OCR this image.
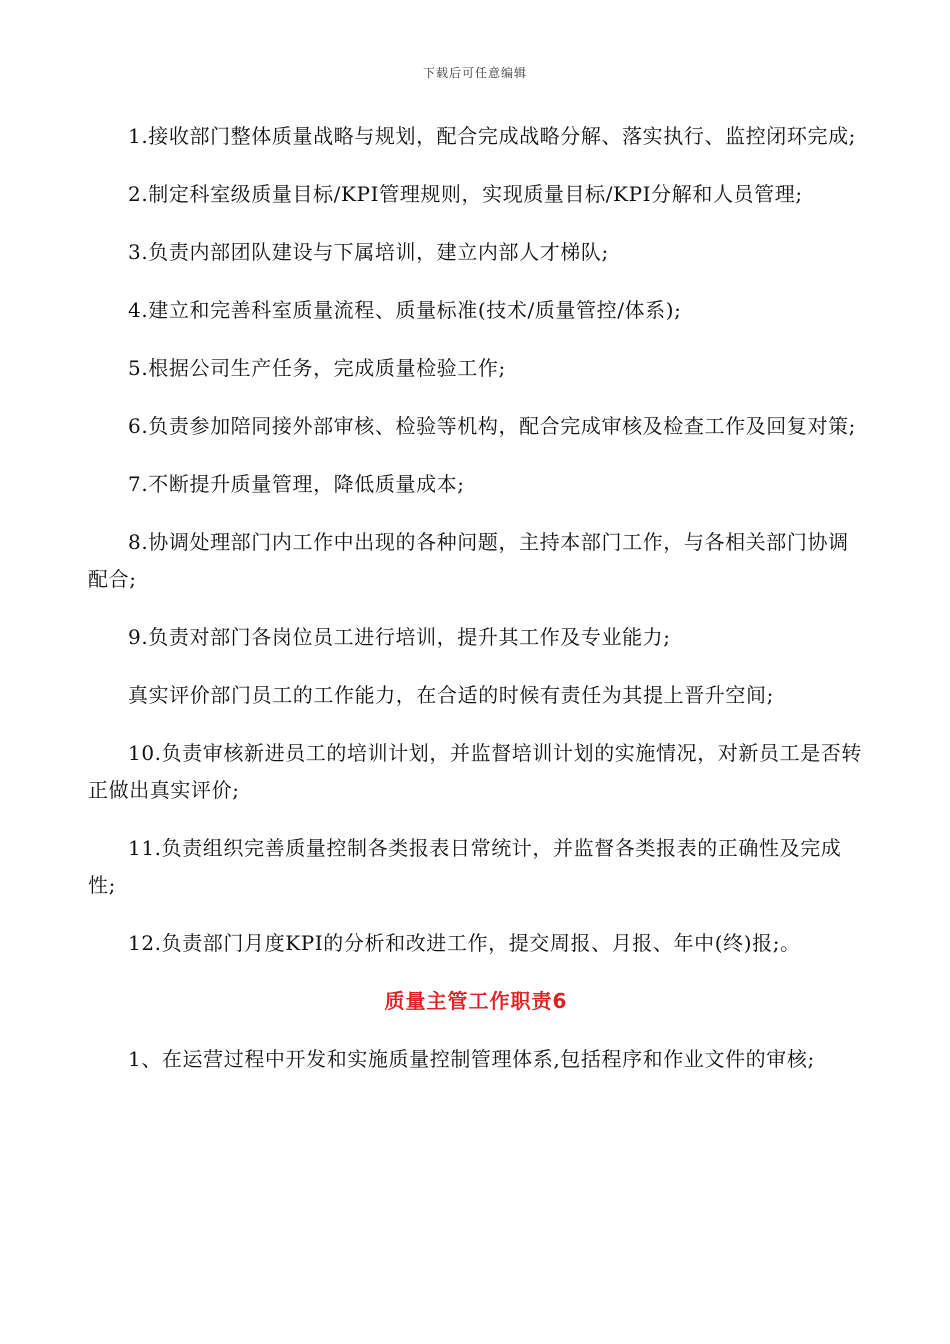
下载后可任意编辑

1.接收部门整体质量战略与规划，配合完成战略分解、落实执行、监控闭环完成;

2.制定科室级质量目标/KPI管理规则，实现质量目标/KPI分解和人员管理;

3.负责内部团队建设与下属培训，建立内部人才梯队;

4.建立和完善科室质量流程、质量标准(技术/质量管控/体系);

5.根据公司生产任务，完成质量检验工作;

6.负责参加陪同接外部审核、检验等机构，配合完成审核及检查工作及回复对策;

7.不断提升质量管理，降低质量成本;

8.协调处理部门内工作中出现的各种问题，主持本部门工作，与各相关部门协调配合;

9.负责对部门各岗位员工进行培训，提升其工作及专业能力;

真实评价部门员工的工作能力，在合适的时候有责任为其提上晋升空间;

10.负责审核新进员工的培训计划，并监督培训计划的实施情况，对新员工是否转正做出真实评价;

11.负责组织完善质量控制各类报表日常统计，并监督各类报表的正确性及完成性;

12.负责部门月度KPI的分析和改进工作，提交周报、月报、年中(终)报;。

质量主管工作职责6

1、在运营过程中开发和实施质量控制管理体系,包括程序和作业文件的审核;
